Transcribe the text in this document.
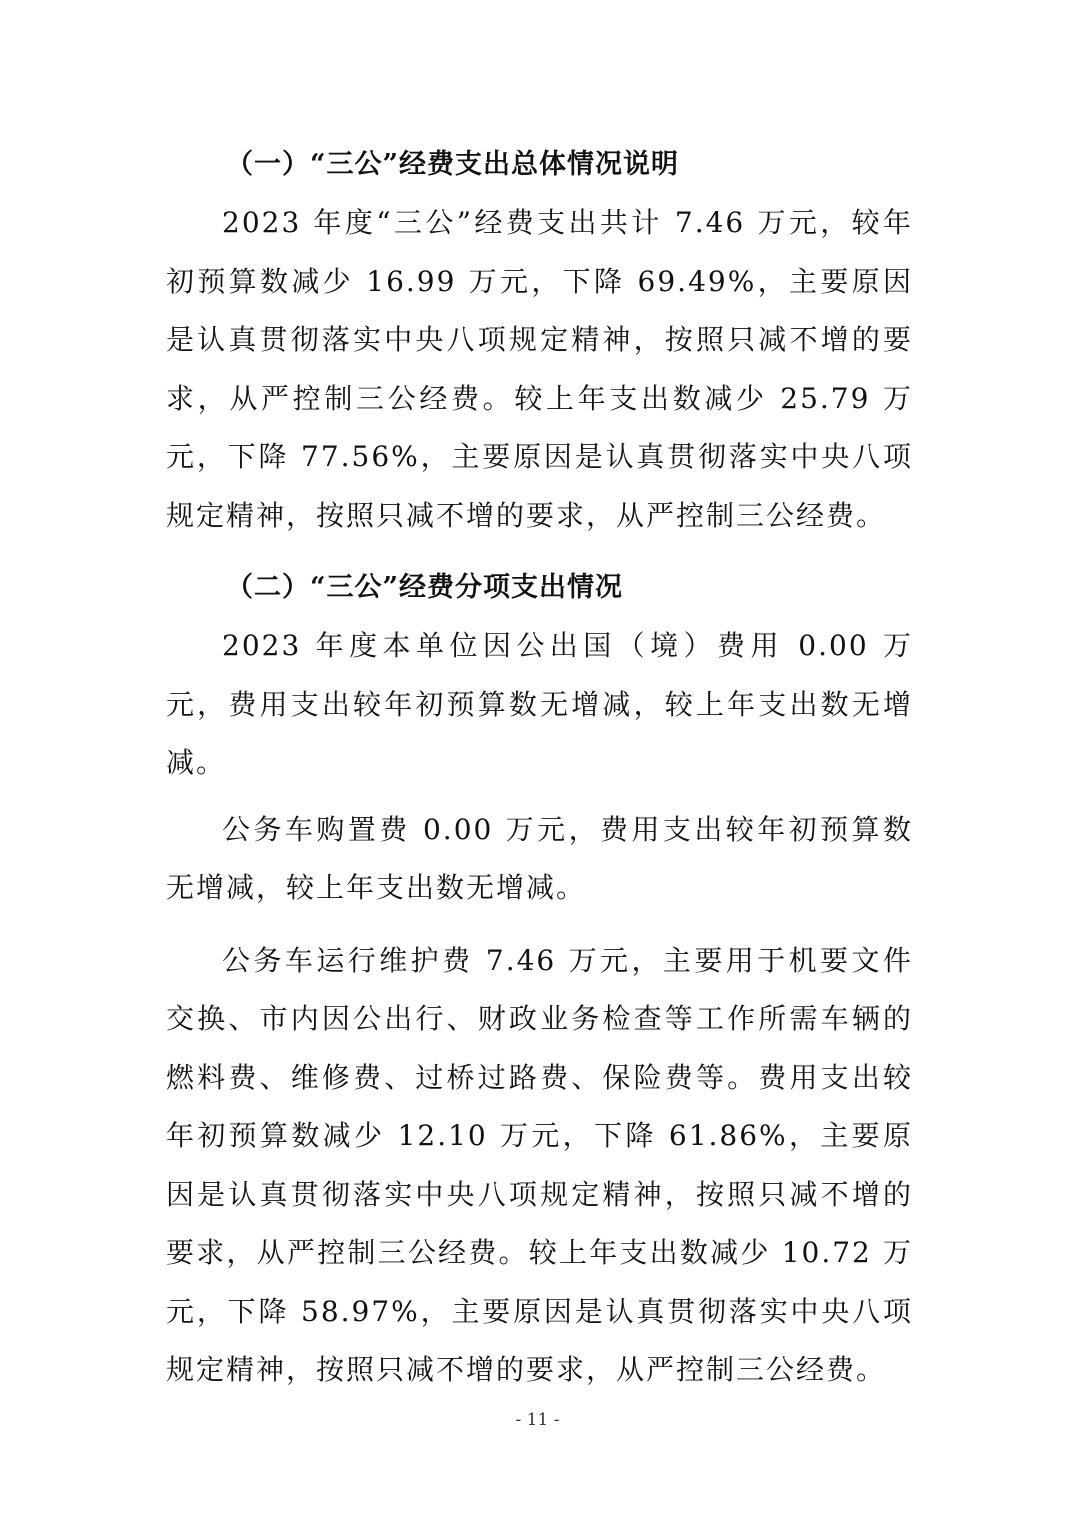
（一）“三公”经费支出总体情况说明

2023 年度“三公”经费支出共计 7.46 万元，较年初预算数减少 16.99 万元，下降 69.49%，主要原因是认真贯彻落实中央八项规定精神，按照只减不增的要求，从严控制三公经费。较上年支出数减少 25.79 万元，下降 77.56%，主要原因是认真贯彻落实中央八项规定精神，按照只减不增的要求，从严控制三公经费。

（二）“三公”经费分项支出情况

2023 年度本单位因公出国（境）费用 0.00 万元，费用支出较年初预算数无增减，较上年支出数无增减。

公务车购置费 0.00 万元，费用支出较年初预算数无增减，较上年支出数无增减。

公务车运行维护费 7.46 万元，主要用于机要文件交换、市内因公出行、财政业务检查等工作所需车辆的燃料费、维修费、过桥过路费、保险费等。费用支出较年初预算数减少 12.10 万元，下降 61.86%，主要原因是认真贯彻落实中央八项规定精神，按照只减不增的要求，从严控制三公经费。较上年支出数减少 10.72 万元，下降 58.97%，主要原因是认真贯彻落实中央八项规定精神，按照只减不增的要求，从严控制三公经费。

- 11 -
